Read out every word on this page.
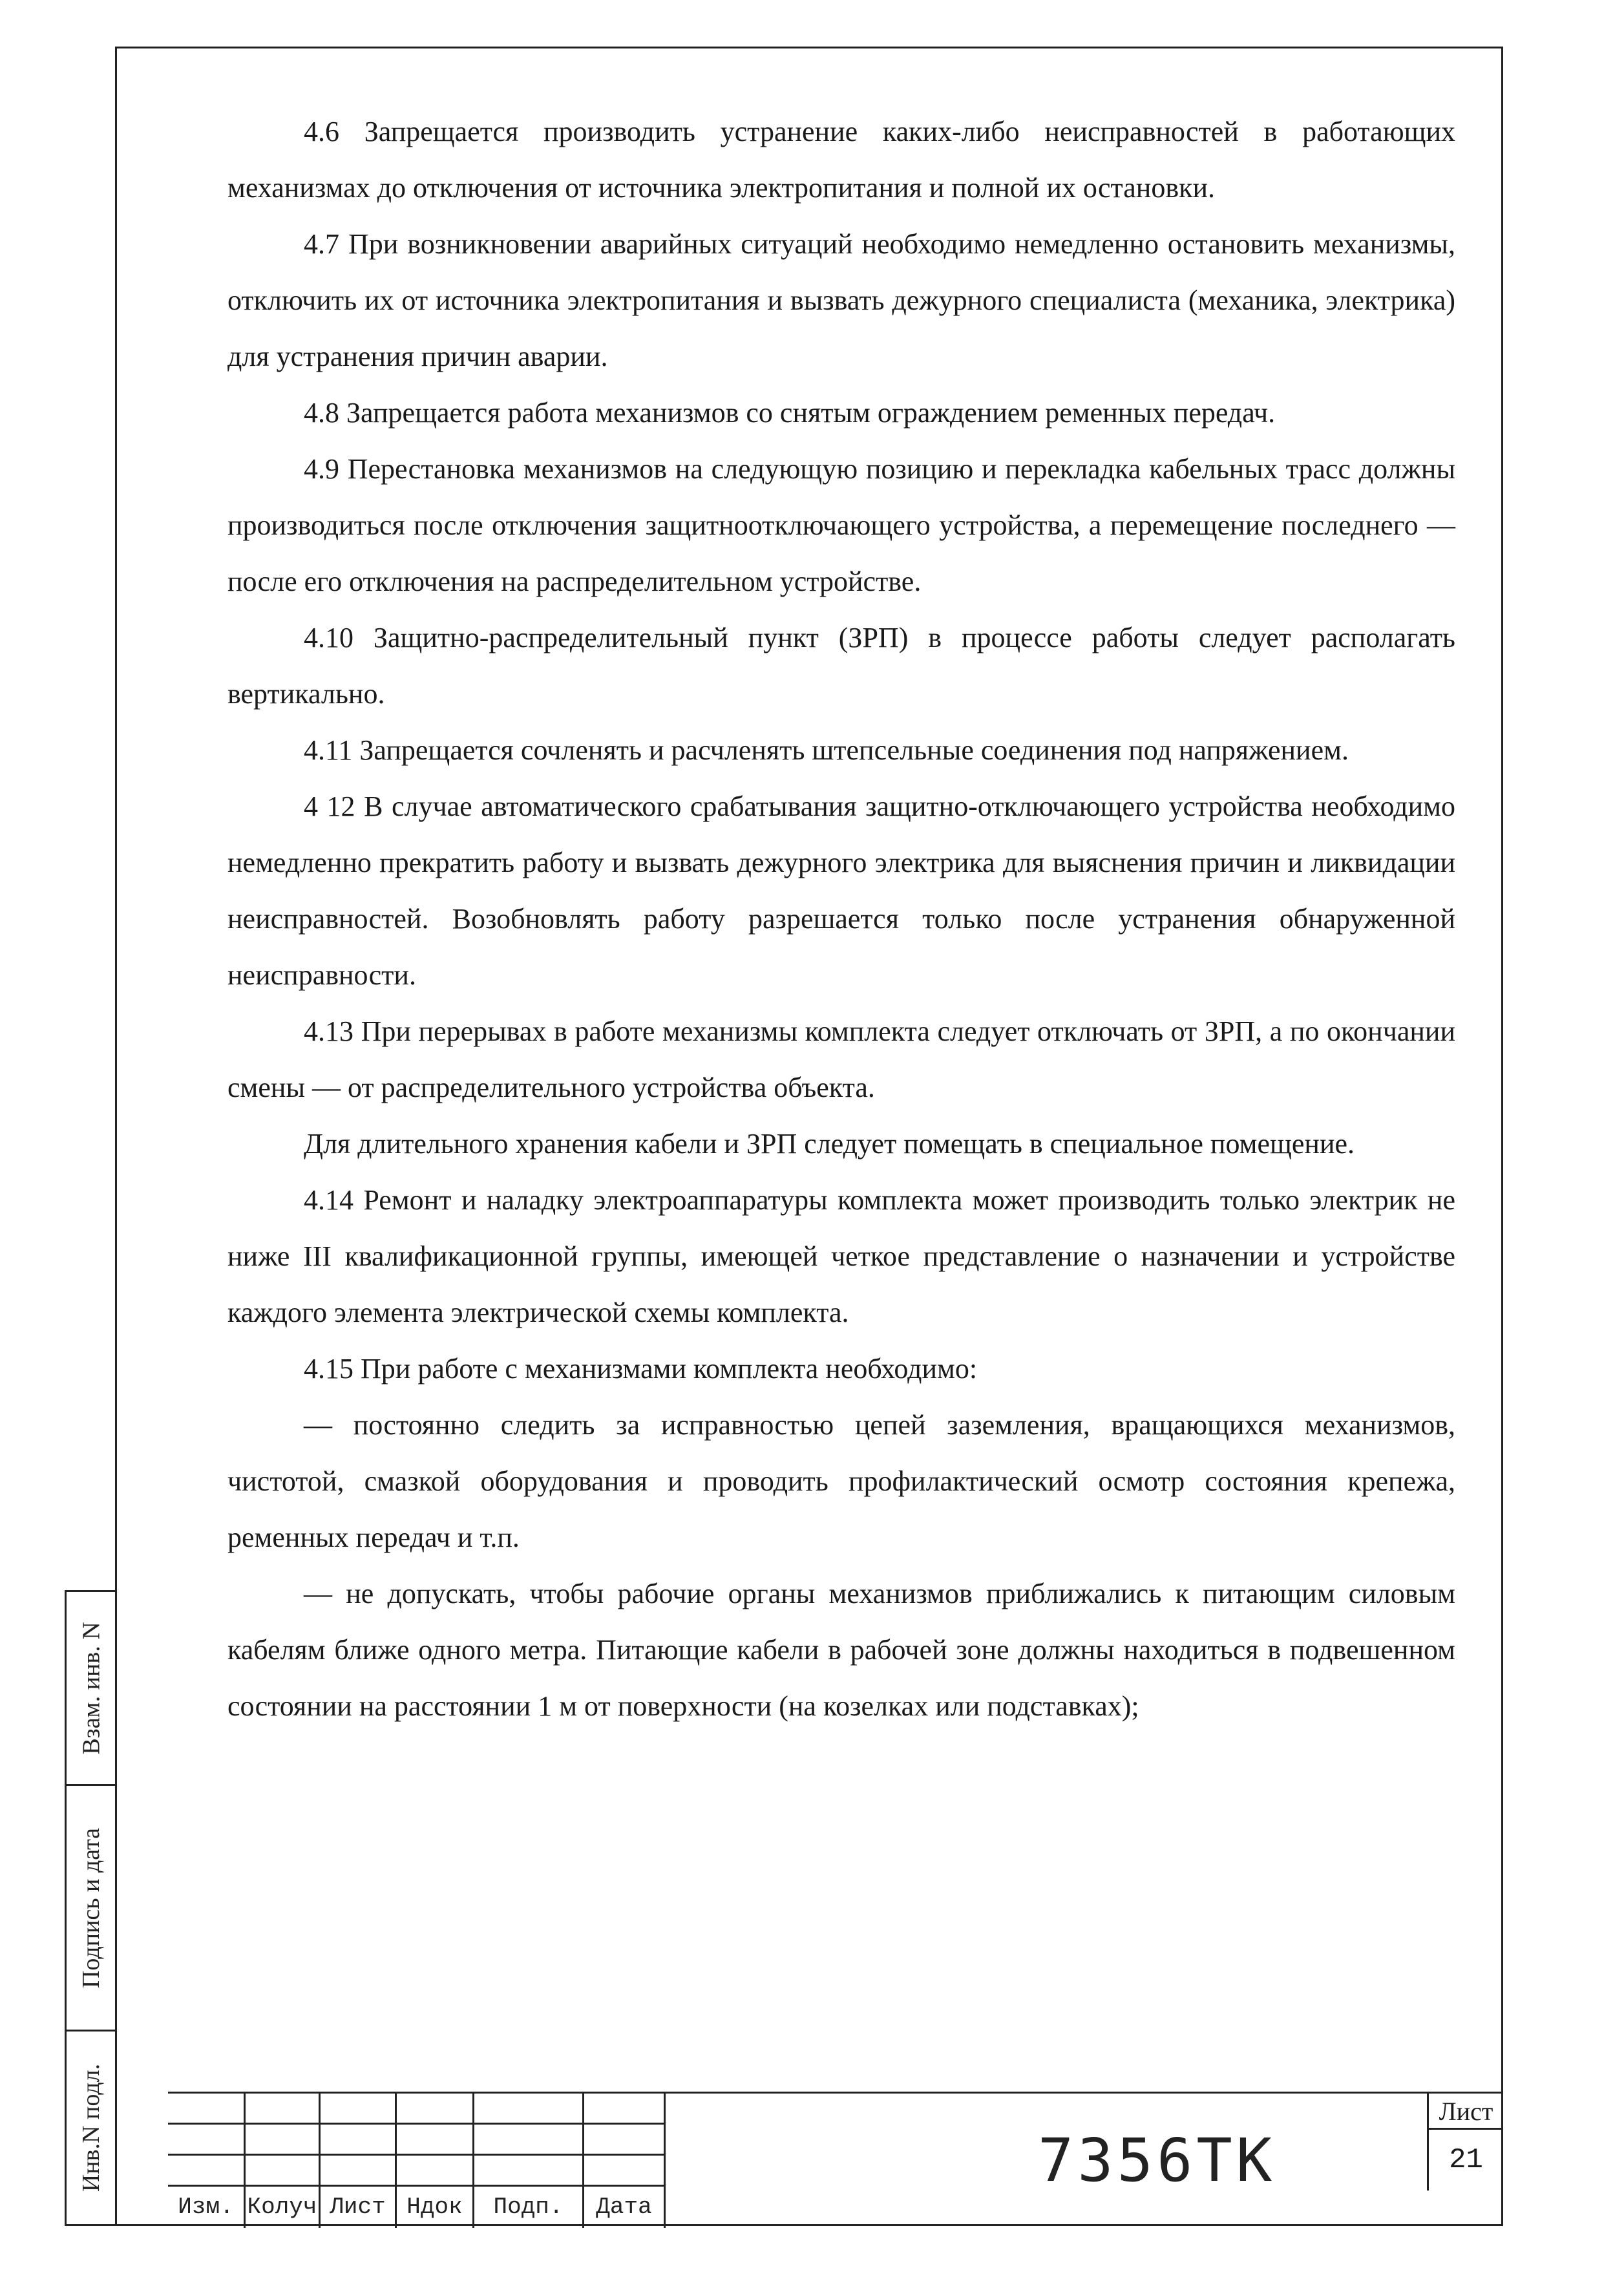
Взам. инв. N
Подпись и дата
Инв.N подл.

4.6 Запрещается производить устранение каких-либо неисправностей в работающих механизмах до отключения от источника электропитания и полной их остановки.

4.7 При возникновении аварийных ситуаций необходимо немедленно остановить механизмы, отключить их от источника электропитания и вызвать дежурного специалиста (механика, электрика) для устранения причин аварии.

4.8 Запрещается работа механизмов со снятым ограждением ременных передач.

4.9 Перестановка механизмов на следующую позицию и перекладка кабельных трасс должны производиться после отключения защитноотключающего устройства, а перемещение последнего — после его отключения на распределительном устройстве.

4.10 Защитно-распределительный пункт (ЗРП) в процессе работы следует располагать вертикально.

4.11 Запрещается сочленять и расчленять штепсельные соединения под напряжением.

4 12 В случае автоматического срабатывания защитно-отключающего устройства необходимо немедленно прекратить работу и вызвать дежурного электрика для выяснения причин и ликвидации неисправностей. Возобновлять работу разрешается только после устранения обнаруженной неисправности.

4.13 При перерывах в работе механизмы комплекта следует отключать от ЗРП, а по окончании смены — от распределительного устройства объекта.

Для длительного хранения кабели и ЗРП следует помещать в специальное помещение.

4.14 Ремонт и наладку электроаппаратуры комплекта может производить только электрик не ниже III квалификационной группы, имеющей четкое представление о назначении и устройстве каждого элемента электрической схемы комплекта.

4.15 При работе с механизмами комплекта необходимо:

— постоянно следить за исправностью цепей заземления, вращающихся механизмов, чистотой, смазкой оборудования и проводить профилактический осмотр состояния крепежа, ременных передач и т.п.

— не допускать, чтобы рабочие органы механизмов приближались к питающим силовым кабелям ближе одного метра. Питающие кабели в рабочей зоне должны находиться в подвешенном состоянии на расстоянии 1 м от поверхности (на козелках или подставках);

Изм. Колуч Лист Ндок	Подп.	Дата
7356ТК
Лист
21
